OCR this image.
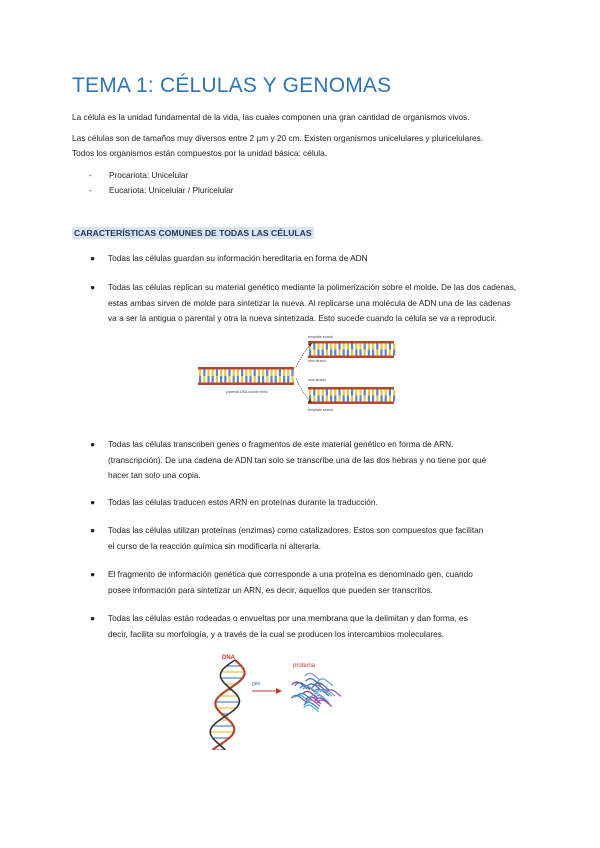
TEMA 1: CÉLULAS Y GENOMAS

La célula es la unidad fundamental de la vida, las cuales componen una gran cantidad de organismos vivos.

Las células son de tamaños muy diversos entre 2 µm y 20 cm. Existen organismos unicelulares y pluricelulares.

Todos los organismos están compuestos por la unidad básica: célula.

- Procariota: Unicelular
- Eucariota: Unicelular / Pluricelular
CARACTERÍSTICAS COMUNES DE TODAS LAS CÉLULAS
● Todas las células guardan su información hereditaria en forma de ADN
● Todas las células replican su material genético mediante la polimerización sobre el molde. De las dos cadenas,
estas ambas sirven de molde para sintetizar la nueva. Al replicarse una molécula de ADN una de las cadenas
va a ser la antigua o parental y otra la nueva sintetizada. Esto sucede cuando la célula se va a reproducir.
parental DNA double helix
template strand
new strand
new strand
template strand
● Todas las células transcriben genes o fragmentos de este material genético en forma de ARN.
(transcripción). De una cadena de ADN tan solo se transcribe una de las dos hebras y no tiene por qué
hacer tan solo una copia.
● Todas las células traducen estos ARN en proteínas durante la traducción.
● Todas las células utilizan proteínas (enzimas) como catalizadores. Estos son compuestos que facilitan
el curso de la reacción química sin modificarla ni alterarla.
● El fragmento de información genética que corresponde a una proteína es denominado gen, cuando
posee información para sintetizar un ARN, es decir, aquellos que pueden ser transcritos.
● Todas las células están rodeadas o envueltas por una membrana que la delimitan y dan forma, es
decir, facilita su morfología, y a través de la cual se producen los intercambios moleculares.
DNA
gen
proteína
